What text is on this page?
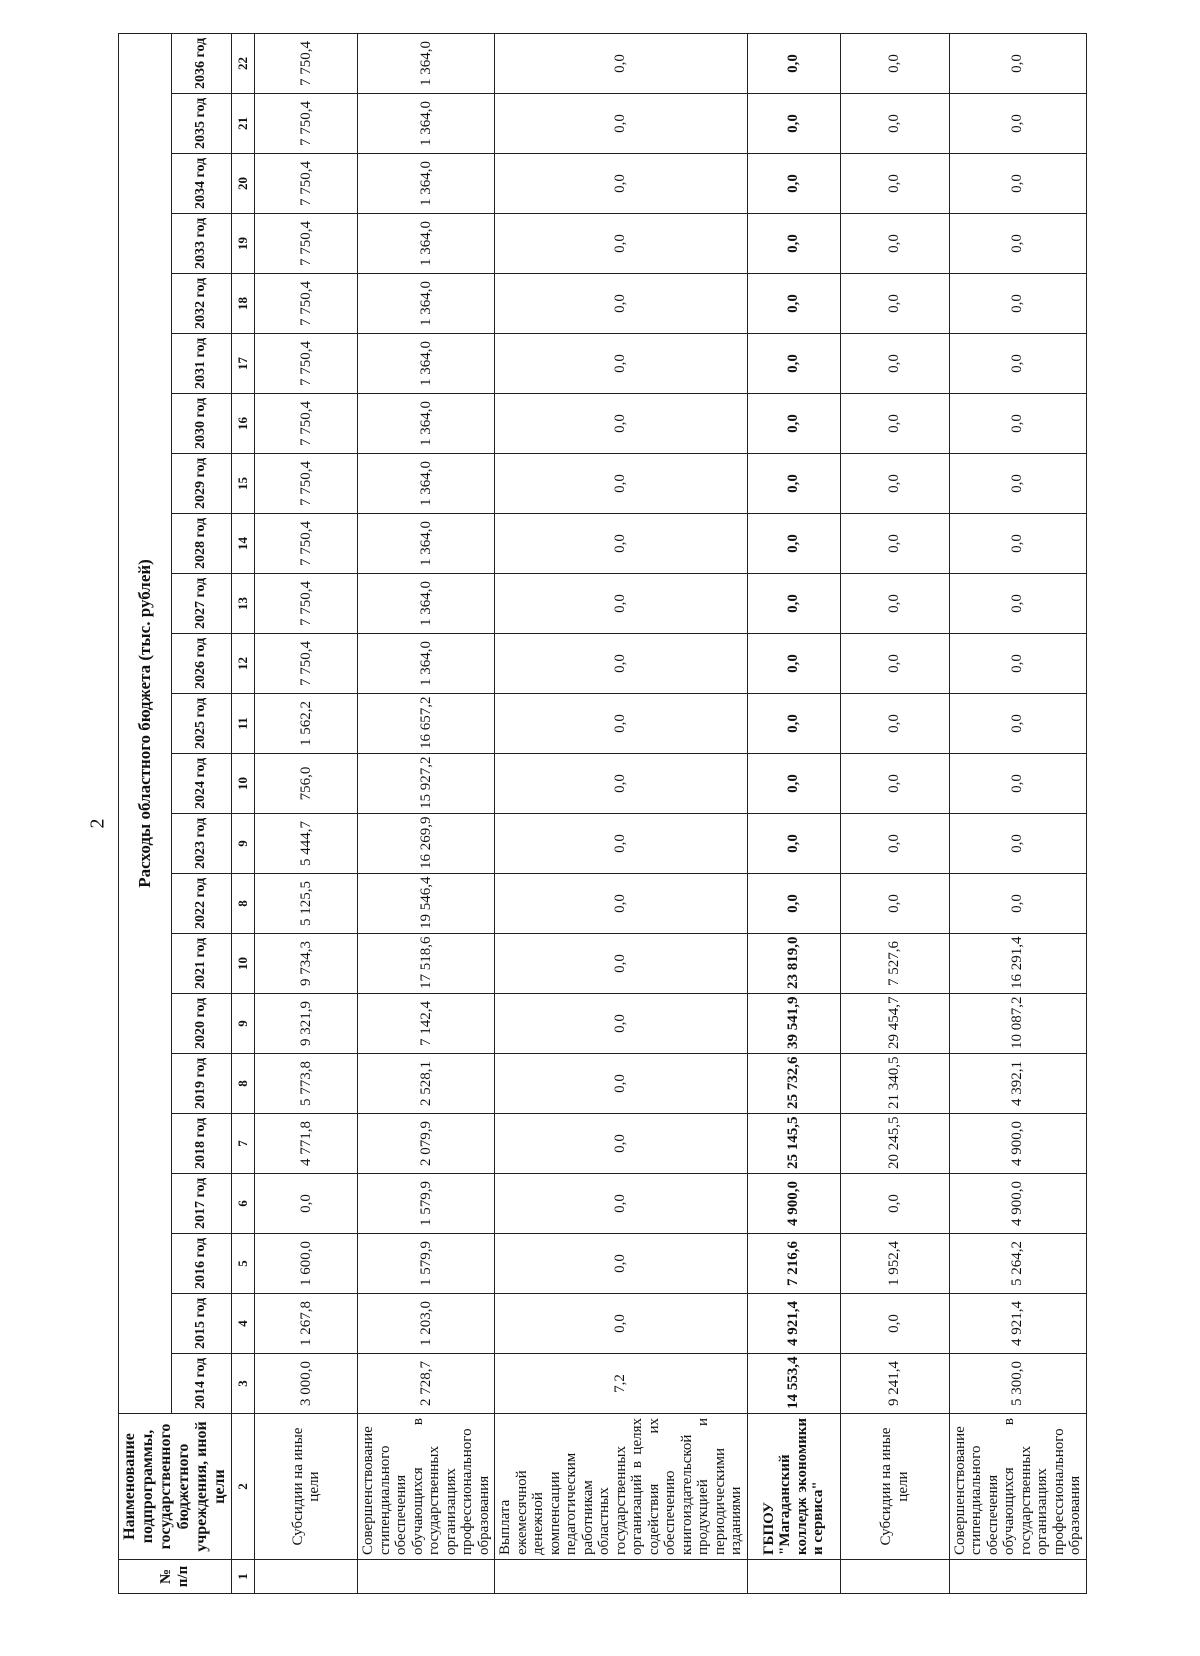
2
№ п/п	Наименование подпрограммы, государственного бюджетного учреждения, иной цели	Расходы областного бюджета (тыс. рублей)																						
		2014 год	2015 год	2016 год	2017 год	2018 год	2019 год	2020 год	2021 год	2022 год	2023 год	2024 год	2025 год	2026 год	2027 год	2028 год	2029 год	2030 год	2031 год	2032 год	2033 год	2034 год	2035 год	2036 год
1	2	3	4	5	6	7	8	9	10	8	9	10	11	12	13	14	15	16	17	18	19	20	21	22
	Субсидии на иные цели	3 000,0	1 267,8	1 600,0	0,0	4 771,8	5 773,8	9 321,9	9 734,3	5 125,5	5 444,7	756,0	1 562,2	7 750,4	7 750,4	7 750,4	7 750,4	7 750,4	7 750,4	7 750,4	7 750,4	7 750,4	7 750,4	7 750,4
	Совершенствование стипендиального обеспечения обучающихся в государственных организациях профессионального образования	2 728,7	1 203,0	1 579,9	1 579,9	2 079,9	2 528,1	7 142,4	17 518,6	19 546,4	16 269,9	15 927,2	16 657,2	1 364,0	1 364,0	1 364,0	1 364,0	1 364,0	1 364,0	1 364,0	1 364,0	1 364,0	1 364,0	1 364,0
	Выплата ежемесячной денежной компенсации педагогическим работникам областных государственных организаций в целях содействия их обеспечению книгоиздательской продукцией и периодическими изданиями	7,2	0,0	0,0	0,0	0,0	0,0	0,0	0,0	0,0	0,0	0,0	0,0	0,0	0,0	0,0	0,0	0,0	0,0	0,0	0,0	0,0	0,0	0,0
	ГБПОУ "Магаданский колледж экономики и сервиса"	14 553,4	4 921,4	7 216,6	4 900,0	25 145,5	25 732,6	39 541,9	23 819,0	0,0	0,0	0,0	0,0	0,0	0,0	0,0	0,0	0,0	0,0	0,0	0,0	0,0	0,0	0,0
	Субсидии на иные цели	9 241,4	0,0	1 952,4	0,0	20 245,5	21 340,5	29 454,7	7 527,6	0,0	0,0	0,0	0,0	0,0	0,0	0,0	0,0	0,0	0,0	0,0	0,0	0,0	0,0	0,0
	Совершенствование стипендиального обеспечения обучающихся в государственных организациях профессионального образования	5 300,0	4 921,4	5 264,2	4 900,0	4 900,0	4 392,1	10 087,2	16 291,4	0,0	0,0	0,0	0,0	0,0	0,0	0,0	0,0	0,0	0,0	0,0	0,0	0,0	0,0	0,0
